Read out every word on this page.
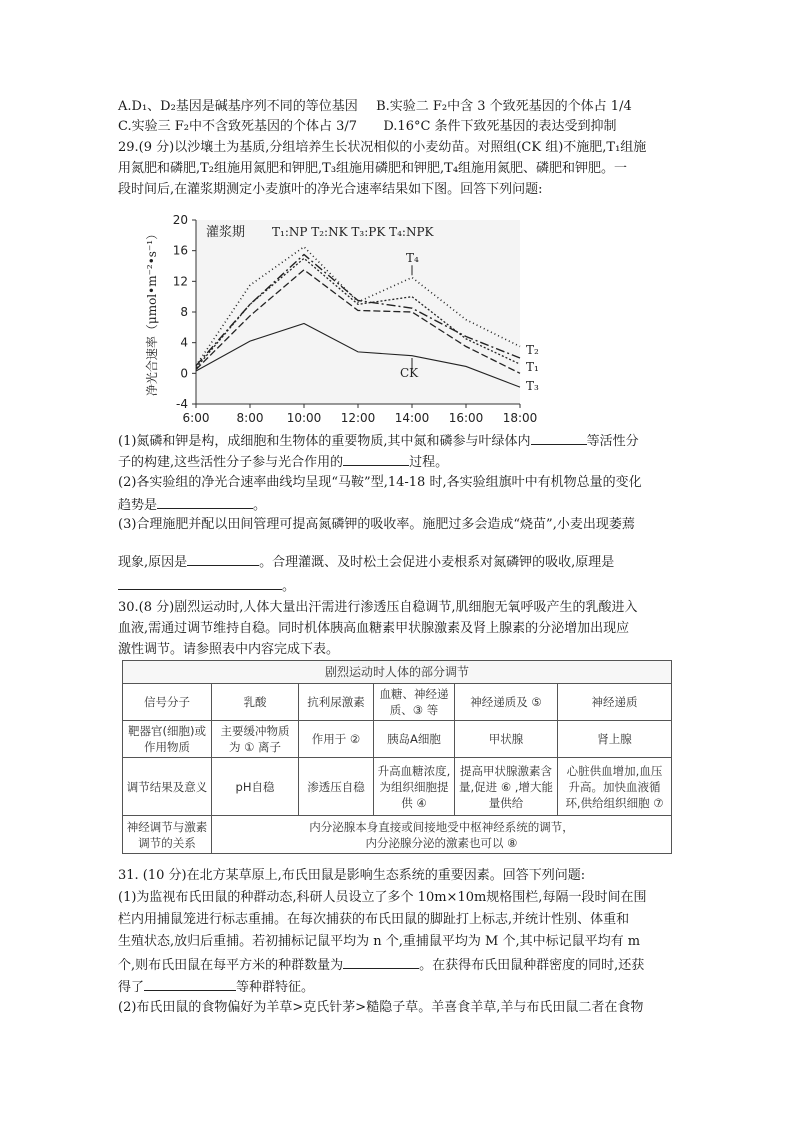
A.D₁、D₂基因是碱基序列不同的等位基因 B.实验二 F₂中含 3 个致死基因的个体占 1/4
C.实验三 F₂中不含致死基因的个体占 3/7 D.16°C 条件下致死基因的表达受到抑制
29.(9 分)以沙壤土为基质,分组培养生长状况相似的小麦幼苗。对照组(CK 组)不施肥,T₁组施
用氮肥和磷肥,T₂组施用氮肥和钾肥,T₃组施用磷肥和钾肥,T₄组施用氮肥、磷肥和钾肥。一
段时间后,在灌浆期测定小麦旗叶的净光合速率结果如下图。回答下列问题:
20
16
12
8
4
0
-4
6:00 8:00 10:00 12:00 14:00 16:00 18:00
净光合速率（μmol•m⁻²•s⁻¹）	灌浆期 T₁:NP T₂:NK T₃:PK T₄:NPK
T₄
CK
T₂
T₁
T₃
(1)氮磷和钾是构，成细胞和生物体的重要物质,其中氮和磷参与叶绿体内	等活性分
子的构建,这些活性分子参与光合作用的	过程。
(2)各实验组的净光合速率曲线均呈现“马鞍”型,14-18 时,各实验组旗叶中有机物总量的变化
趋势是	。
(3)合理施肥并配以田间管理可提高氮磷钾的吸收率。施肥过多会造成“烧苗”,小麦出现萎蔫
现象,原因是	。合理灌溉、及时松土会促进小麦根系对氮磷钾的吸收,原理是
。
30.(8 分)剧烈运动时,人体大量出汗需进行渗透压自稳调节,肌细胞无氧呼吸产生的乳酸进入
血液,需通过调节维持自稳。同时机体胰高血糖素甲状腺激素及肾上腺素的分泌增加出现应
激性调节。请参照表中内容完成下表。
剧烈运动时人体的部分调节					
信号分子	乳酸	抗利尿激素	血糖、神经递质、③ 等	神经递质及 ⑤	神经递质
靶器官(细胞)或作用物质	主要缓冲物质为 ① 离子	作用于 ②	胰岛A细胞	甲状腺	肾上腺
调节结果及意义	pH自稳	渗透压自稳	升高血糖浓度,为组织细胞提供 ④	提高甲状腺激素含量,促进 ⑥ ,增大能量供给	心脏供血增加,血压升高。加快血液循环,供给组织细胞 ⑦
神经调节与激素调节的关系	内分泌腺本身直接或间接地受中枢神经系统的调节，
内分泌腺分泌的激素也可以 ⑧				
31. (10 分)在北方某草原上,布氏田鼠是影响生态系统的重要因素。回答下列问题:
(1)为监视布氏田鼠的种群动态,科研人员设立了多个 10m×10m规格围栏,每隔一段时间在围
栏内用捕鼠笼进行标志重捕。在每次捕获的布氏田鼠的脚趾打上标志,并统计性别、体重和
生殖状态,放归后重捕。若初捕标记鼠平均为 n 个,重捕鼠平均为 M 个,其中标记鼠平均有 m
个,则布氏田鼠在每平方米的种群数量为	。在获得布氏田鼠种群密度的同时,还获
得了	等种群特征。
(2)布氏田鼠的食物偏好为羊草>克氏针茅>糙隐子草。羊喜食羊草,羊与布氏田鼠二者在食物
